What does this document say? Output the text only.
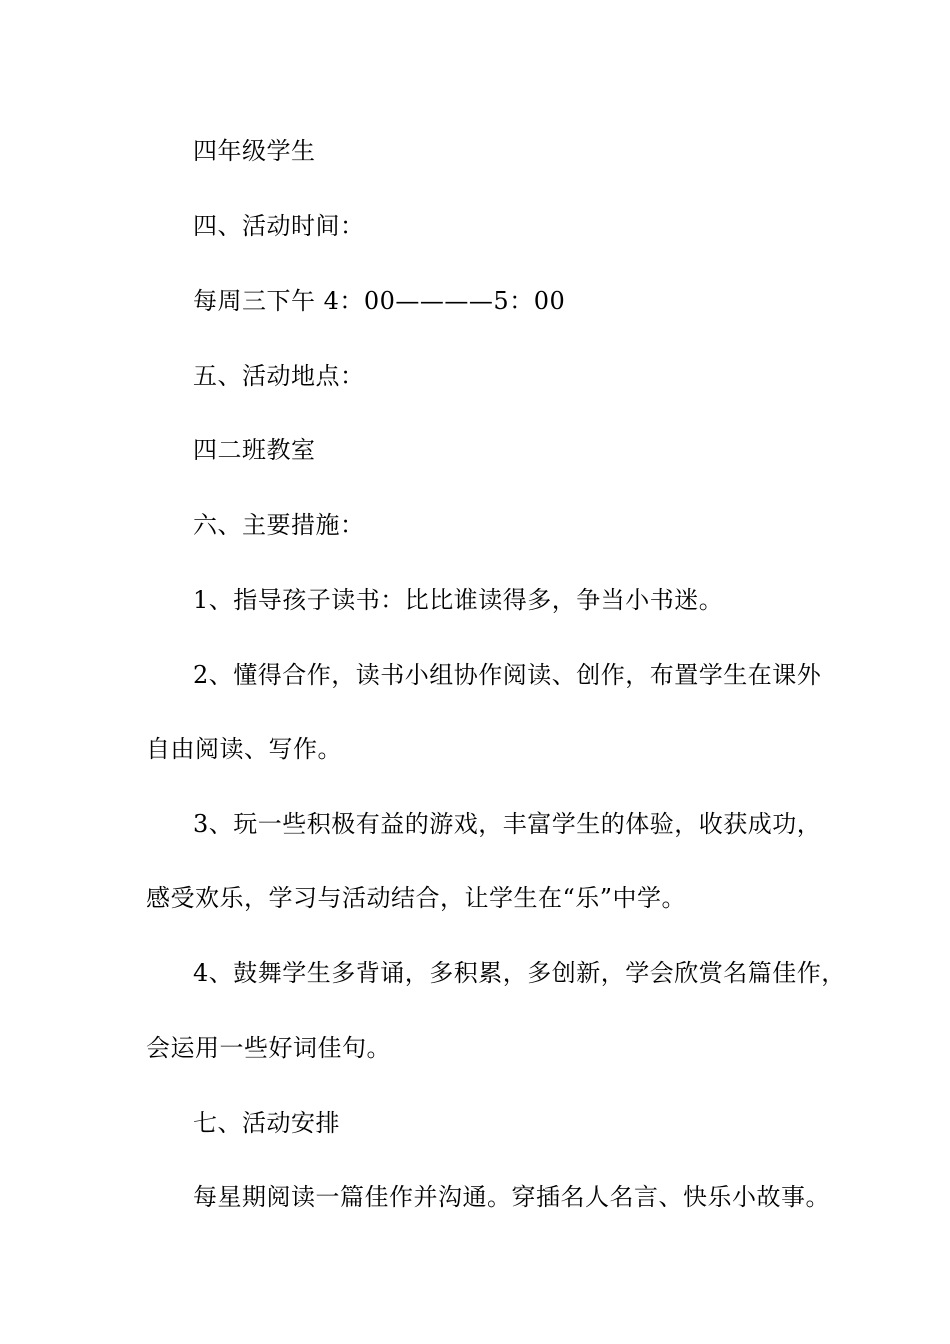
四年级学生
四、活动时间：
每周三下午 4：00————5：00
五、活动地点：
四二班教室
六、主要措施：
1、指导孩子读书：比比谁读得多，争当小书迷。
2、懂得合作，读书小组协作阅读、创作，布置学生在课外
自由阅读、写作。
3、玩一些积极有益的游戏，丰富学生的体验，收获成功，
感受欢乐，学习与活动结合，让学生在“乐”中学。
4、鼓舞学生多背诵，多积累，多创新，学会欣赏名篇佳作，
会运用一些好词佳句。
七、活动安排
每星期阅读一篇佳作并沟通。穿插名人名言、快乐小故事。
